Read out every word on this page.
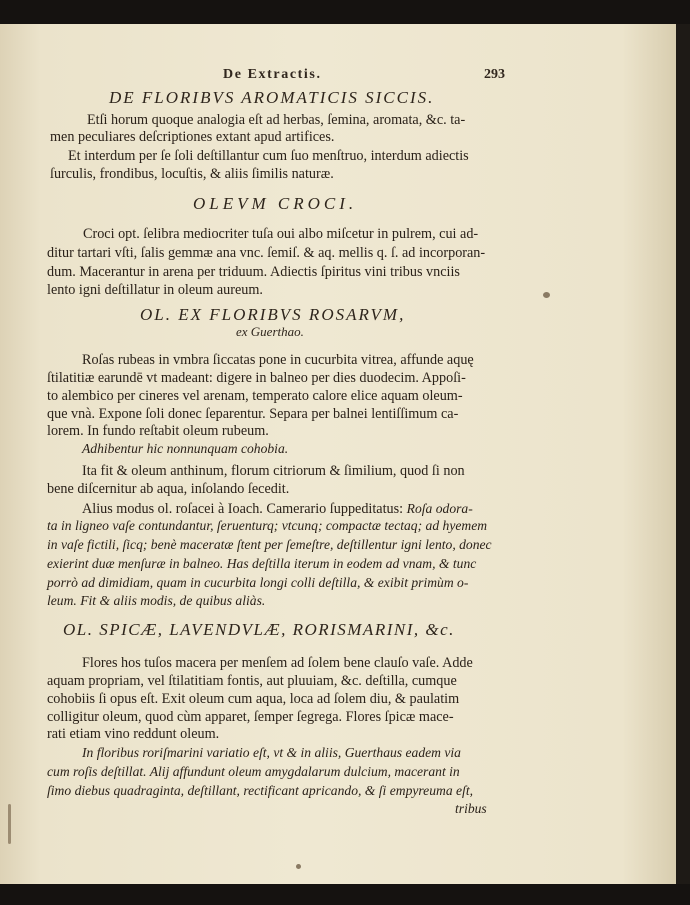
De Extractis.	293
DE FLORIBVS AROMATICIS SICCIS.
Etſi horum quoque analogia eſt ad herbas, ſemina, aromata, &c. ta-
men peculiares deſcriptiones extant apud artifices.
Et interdum per ſe ſoli deſtillantur cum ſuo menſtruo, interdum adiectis
ſurculis, frondibus, locuſtis, & aliis ſimilis naturæ.
OLEVM CROCI.
Croci opt. ſelibra mediocriter tuſa oui albo miſcetur in pulrem, cui ad-
ditur tartari vſti, ſalis gemmæ ana vnc. ſemiſ. & aq. mellis q. ſ. ad incorporan-
dum. Macerantur in arena per triduum. Adiectis ſpiritus vini tribus vnciis
lento igni deſtillatur in oleum aureum.
OL. EX FLORIBVS ROSARVM,
ex Guerthao.
Roſas rubeas in vmbra ſiccatas pone in cucurbita vitrea, affunde aquę
ſtilatitiæ earundē vt madeant: digere in balneo per dies duodecim. Appoſi-
to alembico per cineres vel arenam, temperato calore elice aquam oleum-
que vnà. Expone ſoli donec ſeparentur. Separa per balnei lentiſſimum ca-
lorem. In fundo reſtabit oleum rubeum.
Adhibentur hic nonnunquam cohobia.
Ita fit & oleum anthinum, florum citriorum & ſimilium, quod ſi non
bene diſcernitur ab aqua, inſolando ſecedit.
Alius modus ol. roſacei à Ioach. Camerario ſuppeditatus: Roſa odora-
ta in ligneo vaſe contundantur, ſeruenturq; vtcunq; compactæ tectaq; ad hyemem
in vaſe fictili, ſicq; benè maceratæ ſtent per ſemeſtre, deſtillentur igni lento, donec
exierint duæ menſuræ in balneo. Has deſtilla iterum in eodem ad vnam, & tunc
porrò ad dimidiam, quam in cucurbita longi colli deſtilla, & exibit primùm o-
leum. Fit & aliis modis, de quibus aliàs.
OL. SPICÆ, LAVENDVLÆ, RORISMARINI, &c.
Flores hos tuſos macera per menſem ad ſolem bene clauſo vaſe. Adde
aquam propriam, vel ſtilatitiam fontis, aut pluuiam, &c. deſtilla, cumque
cohobiis ſi opus eſt. Exit oleum cum aqua, loca ad ſolem diu, & paulatim
colligitur oleum, quod cùm apparet, ſemper ſegrega. Flores ſpicæ mace-
rati etiam vino reddunt oleum.
In floribus roriſmarini variatio eſt, vt & in aliis, Guerthaus eadem via
cum roſis deſtillat. Alij affundunt oleum amygdalarum dulcium, macerant in
ſimo diebus quadraginta, deſtillant, rectificant apricando, & ſi empyreuma eſt,
tribus
